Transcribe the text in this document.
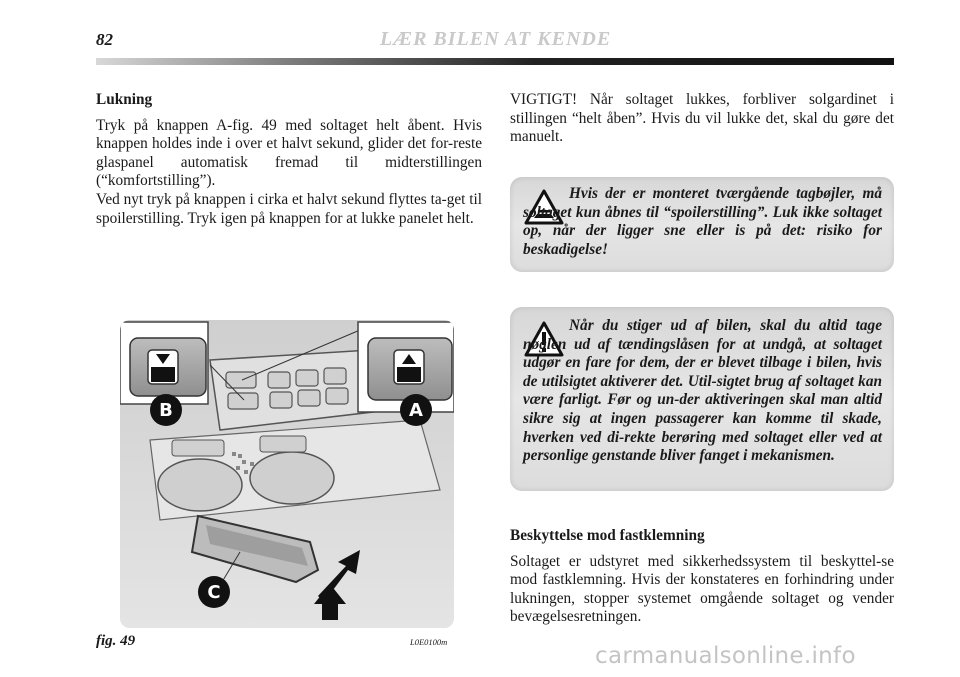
82	LÆR BILEN AT KENDE

Lukning

Tryk på knappen A-fig. 49 med soltaget helt åbent. Hvis knappen holdes inde i over et halvt sekund, glider det for-reste glaspanel automatisk fremad til midterstillingen (“komfortstilling”).

Ved nyt tryk på knappen i cirka et halvt sekund flyttes ta-get til spoilerstilling. Tryk igen på knappen for at lukke panelet helt.

VIGTIGT! Når soltaget lukkes, forbliver solgardinet i stillingen “helt åben”. Hvis du vil lukke det, skal du gøre det manuelt.

Hvis der er monteret tværgående tagbøjler, må soltaget kun åbnes til “spoilerstilling”. Luk ikke soltaget op, når der ligger sne eller is på det: risiko for beskadigelse!
Når du stiger ud af bilen, skal du altid tage nøglen ud af tændingslåsen for at undgå, at soltaget udgør en fare for dem, der er blevet tilbage i bilen, hvis de utilsigtet aktiverer det. Util-sigtet brug af soltaget kan være farligt. Før og un-der aktiveringen skal man altid sikre sig at ingen passagerer kan komme til skade, hverken ved di-rekte berøring med soltaget eller ved at personlige genstande bliver fanget i mekanismen.

Beskyttelse mod fastklemning

Soltaget er udstyret med sikkerhedssystem til beskyttel-se mod fastklemning. Hvis der konstateres en forhindring under lukningen, stopper systemet omgående soltaget og vender bevægelsesretningen.

B	A
C
fig. 49	L0E0100m
carmanualsonline.info
